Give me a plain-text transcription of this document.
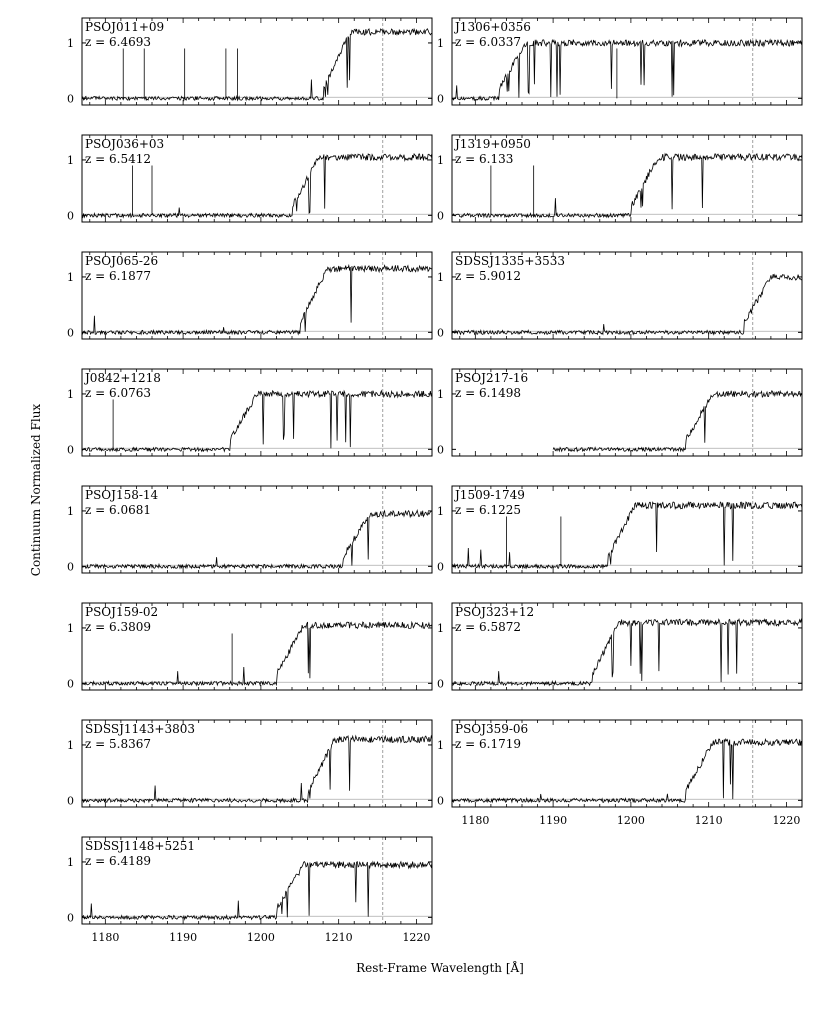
0
1
PSOJ011+09
z = 6.4693
0
1
J1306+0356
z = 6.0337
0
1
PSOJ036+03
z = 6.5412
0
1
J1319+0950
z = 6.133
0
1
PSOJ065-26
z = 6.1877
0
1
SDSSJ1335+3533
z = 5.9012
0
1
J0842+1218
z = 6.0763
0
1
PSOJ217-16
z = 6.1498
0
1
PSOJ158-14
z = 6.0681
0
1
J1509-1749
z = 6.1225
0
1
PSOJ159-02
z = 6.3809
0
1
PSOJ323+12
z = 6.5872
0
1
SDSSJ1143+3803
z = 5.8367
0
1
1180	1190	1200	1210	1220
PSOJ359-06
z = 6.1719
0
1
1180	1190	1200	1210	1220
SDSSJ1148+5251
z = 6.4189
Continuum Normalized Flux
Rest-Frame Wavelength [Å]
